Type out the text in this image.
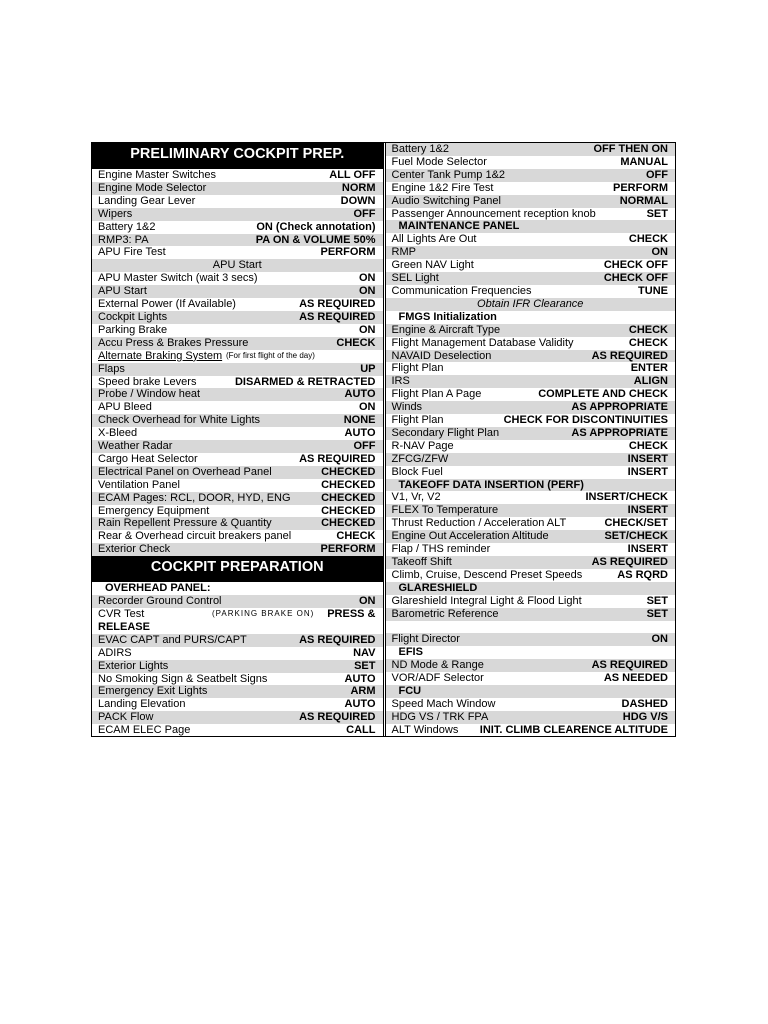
PRELIMINARY COCKPIT PREP.
Engine Master Switches	ALL OFF
Engine Mode Selector	NORM
Landing Gear Lever	DOWN
Wipers	OFF
Battery 1&2	ON (Check annotation)
RMP3: PA	PA ON & VOLUME 50%
APU Fire Test	PERFORM
APU Start
APU Master Switch (wait 3 secs)	ON
APU Start	ON
External Power (If Available)	AS REQUIRED
Cockpit Lights	AS REQUIRED
Parking Brake	ON
Accu Press & Brakes Pressure	CHECK
Alternate Braking System (For first flight of the day)
Flaps	UP
Speed brake Levers	DISARMED & RETRACTED
Probe / Window heat	AUTO
APU Bleed	ON
Check Overhead for White Lights	NONE
X-Bleed	AUTO
Weather Radar	OFF
Cargo Heat Selector	AS REQUIRED
Electrical Panel on Overhead Panel	CHECKED
Ventilation Panel	CHECKED
ECAM Pages: RCL, DOOR, HYD, ENG	CHECKED
Emergency Equipment	CHECKED
Rain Repellent Pressure & Quantity	CHECKED
Rear & Overhead circuit breakers panel	CHECK
Exterior Check	PERFORM
COCKPIT PREPARATION
OVERHEAD PANEL:
Recorder Ground Control	ON
CVR Test	(PARKING BRAKE ON) PRESS &
RELEASE
EVAC CAPT and PURS/CAPT	AS REQUIRED
ADIRS	NAV
Exterior Lights	SET
No Smoking Sign & Seatbelt Signs	AUTO
Emergency Exit Lights	ARM
Landing Elevation	AUTO
PACK Flow	AS REQUIRED
ECAM ELEC Page	CALL
Battery 1&2	OFF THEN ON
Fuel Mode Selector	MANUAL
Center Tank Pump 1&2	OFF
Engine 1&2 Fire Test	PERFORM
Audio Switching Panel	NORMAL
Passenger Announcement reception knob	SET
MAINTENANCE PANEL
All Lights Are Out	CHECK
RMP	ON
Green NAV Light	CHECK OFF
SEL Light	CHECK OFF
Communication Frequencies	TUNE
Obtain IFR Clearance
FMGS Initialization
Engine & Aircraft Type	CHECK
Flight Management Database Validity	CHECK
NAVAID Deselection	AS REQUIRED
Flight Plan	ENTER
IRS	ALIGN
Flight Plan A Page	COMPLETE AND CHECK
Winds	AS APPROPRIATE
Flight Plan	CHECK FOR DISCONTINUITIES
Secondary Flight Plan	AS APPROPRIATE
R-NAV Page	CHECK
ZFCG/ZFW	INSERT
Block Fuel	INSERT
TAKEOFF DATA INSERTION (PERF)
V1, Vr, V2	INSERT/CHECK
FLEX To Temperature	INSERT
Thrust Reduction / Acceleration ALT	CHECK/SET
Engine Out Acceleration Altitude	SET/CHECK
Flap / THS reminder	INSERT
Takeoff Shift	AS REQUIRED
Climb, Cruise, Descend Preset Speeds	AS RQRD
GLARESHIELD
Glareshield Integral Light & Flood Light	SET
Barometric Reference	SET
Flight Director	ON
EFIS
ND Mode & Range	AS REQUIRED
VOR/ADF Selector	AS NEEDED
FCU
Speed Mach Window	DASHED
HDG VS / TRK FPA	HDG V/S
ALT Windows INIT. CLIMB CLEARENCE ALTITUDE
